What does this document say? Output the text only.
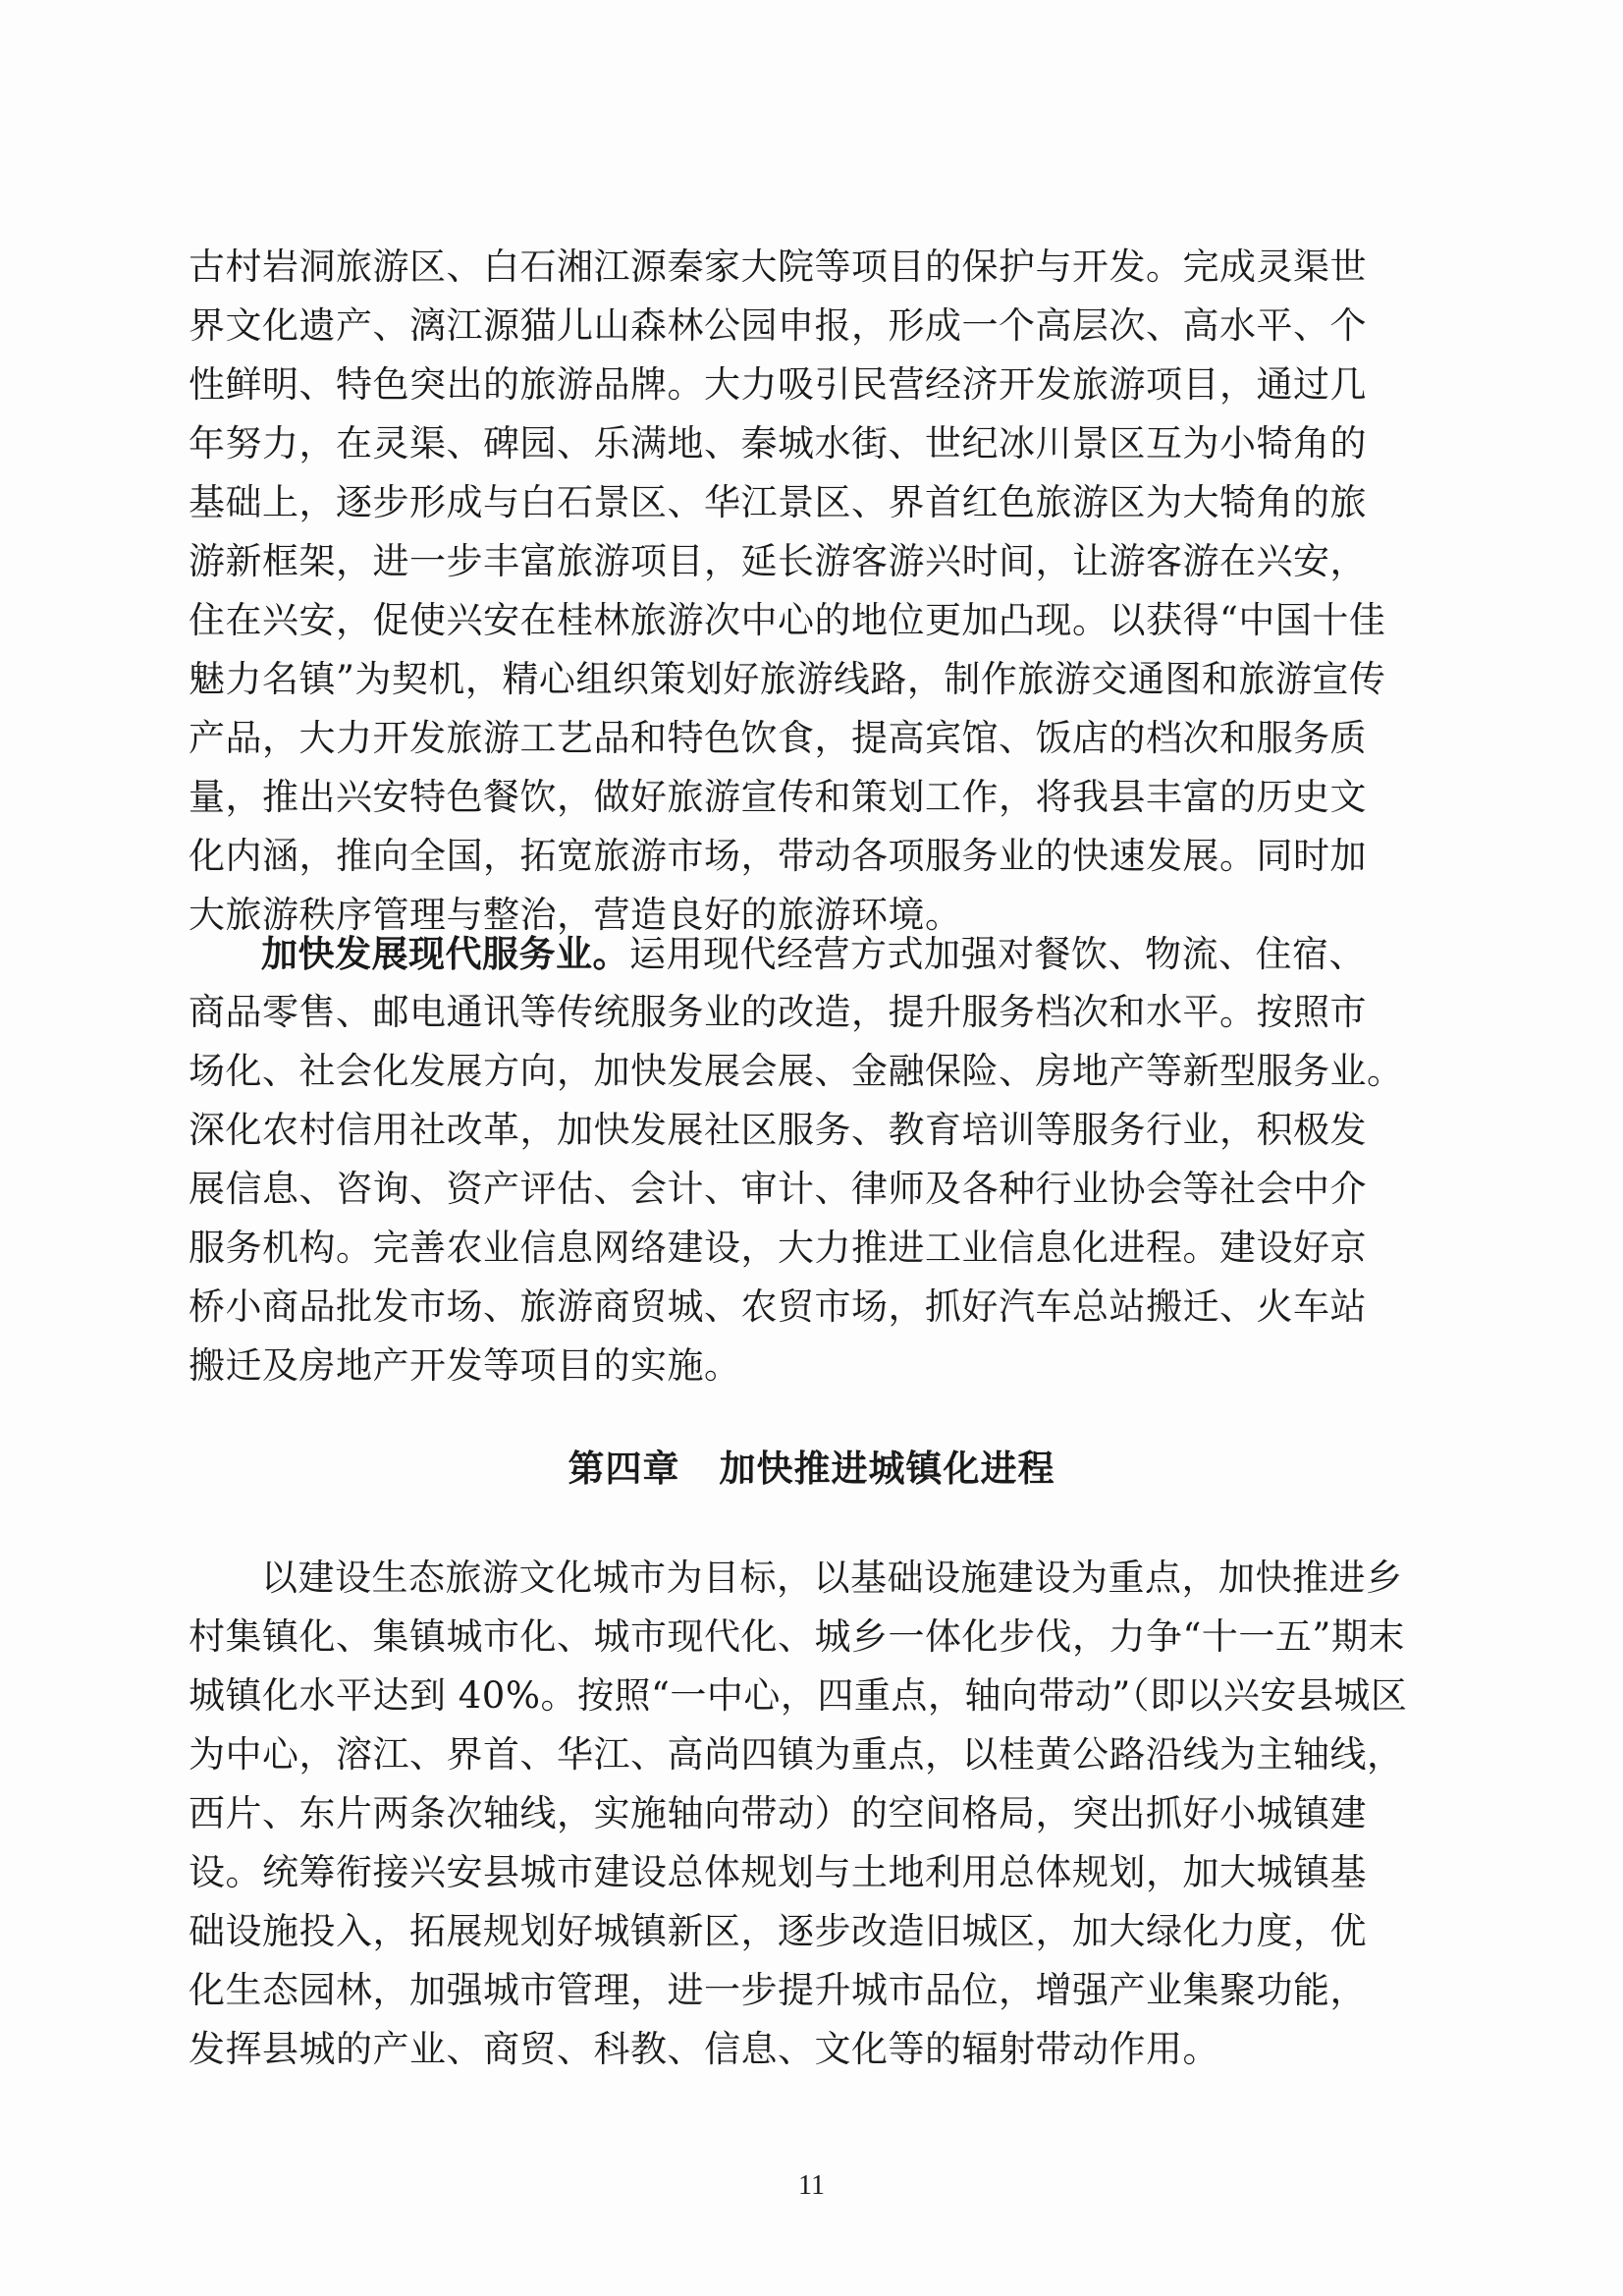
古村岩洞旅游区、白石湘江源秦家大院等项目的保护与开发。完成灵渠世
界文化遗产、漓江源猫儿山森林公园申报，形成一个高层次、高水平、个
性鲜明、特色突出的旅游品牌。大力吸引民营经济开发旅游项目，通过几
年努力，在灵渠、碑园、乐满地、秦城水街、世纪冰川景区互为小犄角的
基础上，逐步形成与白石景区、华江景区、界首红色旅游区为大犄角的旅
游新框架，进一步丰富旅游项目，延长游客游兴时间，让游客游在兴安，
住在兴安，促使兴安在桂林旅游次中心的地位更加凸现。以获得“中国十佳
魅力名镇”为契机，精心组织策划好旅游线路，制作旅游交通图和旅游宣传
产品，大力开发旅游工艺品和特色饮食，提高宾馆、饭店的档次和服务质
量，推出兴安特色餐饮，做好旅游宣传和策划工作，将我县丰富的历史文
化内涵，推向全国，拓宽旅游市场，带动各项服务业的快速发展。同时加
大旅游秩序管理与整治，营造良好的旅游环境。
加快发展现代服务业。运用现代经营方式加强对餐饮、物流、住宿、
商品零售、邮电通讯等传统服务业的改造，提升服务档次和水平。按照市
场化、社会化发展方向，加快发展会展、金融保险、房地产等新型服务业。
深化农村信用社改革，加快发展社区服务、教育培训等服务行业，积极发
展信息、咨询、资产评估、会计、审计、律师及各种行业协会等社会中介
服务机构。完善农业信息网络建设，大力推进工业信息化进程。建设好京
桥小商品批发市场、旅游商贸城、农贸市场，抓好汽车总站搬迁、火车站
搬迁及房地产开发等项目的实施。
第四章 加快推进城镇化进程
以建设生态旅游文化城市为目标，以基础设施建设为重点，加快推进乡
村集镇化、集镇城市化、城市现代化、城乡一体化步伐，力争“十一五”期末
城镇化水平达到 40%。按照“一中心，四重点，轴向带动”（即以兴安县城区
为中心，溶江、界首、华江、高尚四镇为重点，以桂黄公路沿线为主轴线，
西片、东片两条次轴线，实施轴向带动）的空间格局，突出抓好小城镇建
设。统筹衔接兴安县城市建设总体规划与土地利用总体规划，加大城镇基
础设施投入，拓展规划好城镇新区，逐步改造旧城区，加大绿化力度，优
化生态园林，加强城市管理，进一步提升城市品位，增强产业集聚功能，
发挥县城的产业、商贸、科教、信息、文化等的辐射带动作用。
11
